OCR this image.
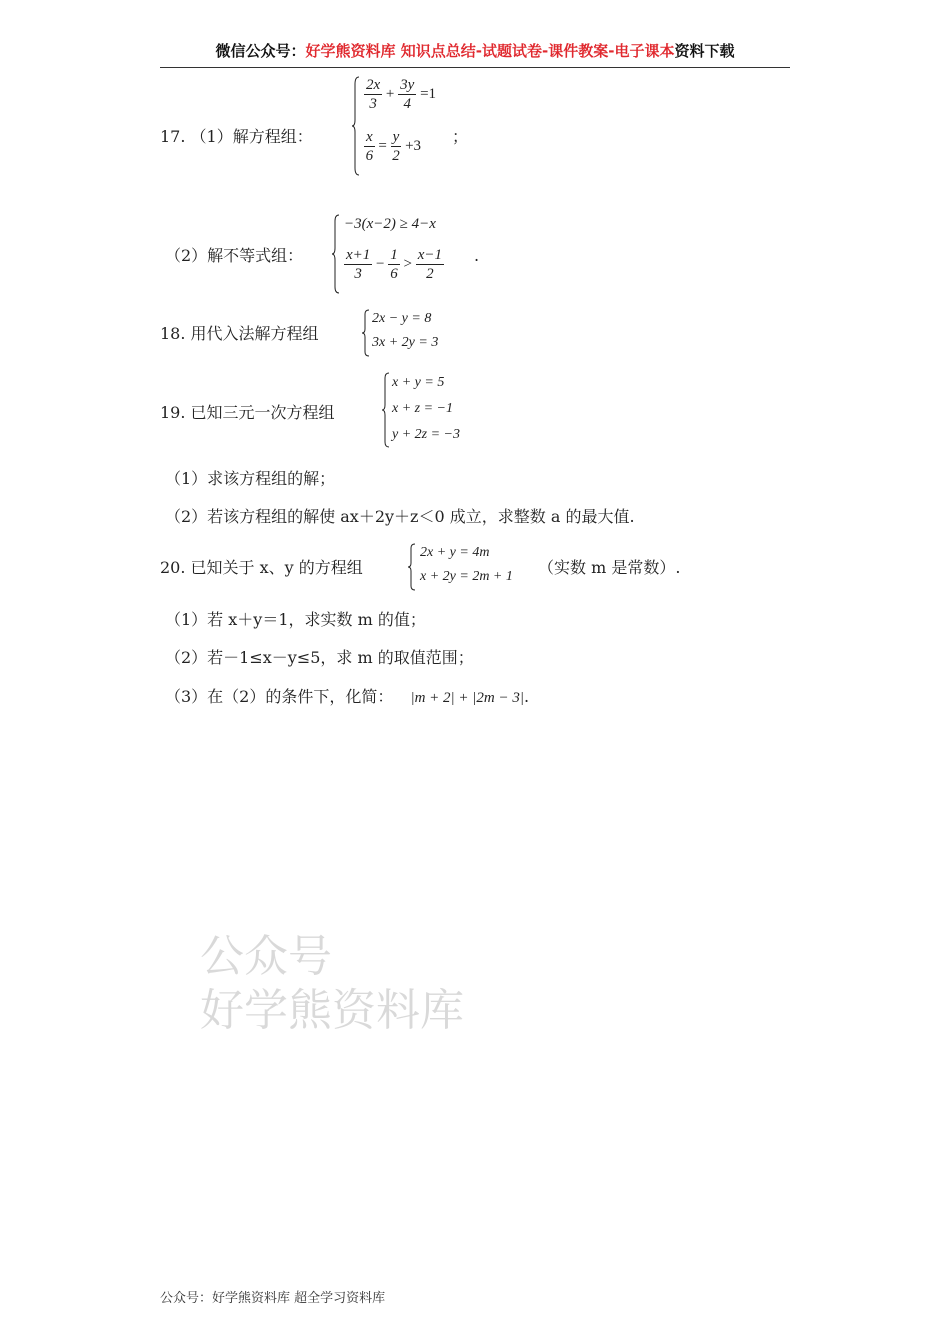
微信公众号：好学熊资料库 知识点总结-试题试卷-课件教案-电子课本资料下载
17. （1）解方程组：
$\frac{2x}{3} + \frac{3y}{4} =1$
$\frac{x}{6} = \frac{y}{2} +3$ ；
（2）解不等式组：
−3(x−2) ≥ 4−x
$\frac{x+1}{3} - \frac{1}{6} > \frac{x-1}{2}$ .
18. 用代入法解方程组
2x − y = 8
3x + 2y = 3
19. 已知三元一次方程组
x + y = 5
x + z = −1
y + 2z = −3
（1）求该方程组的解；
（2）若该方程组的解使 ax＋2y＋z＜0 成立，求整数 a 的最大值.
20. 已知关于 x、y 的方程组
2x + y = 4m
x + 2y = 2m + 1 （实数 m 是常数）.
（1）若 x＋y＝1，求实数 m 的值；
（2）若－1≤x－y≤5，求 m 的取值范围；
（3）在（2）的条件下，化简： |m + 2| + |2m − 3|.
公众号
好学熊资料库
公众号：好学熊资料库 超全学习资料库
